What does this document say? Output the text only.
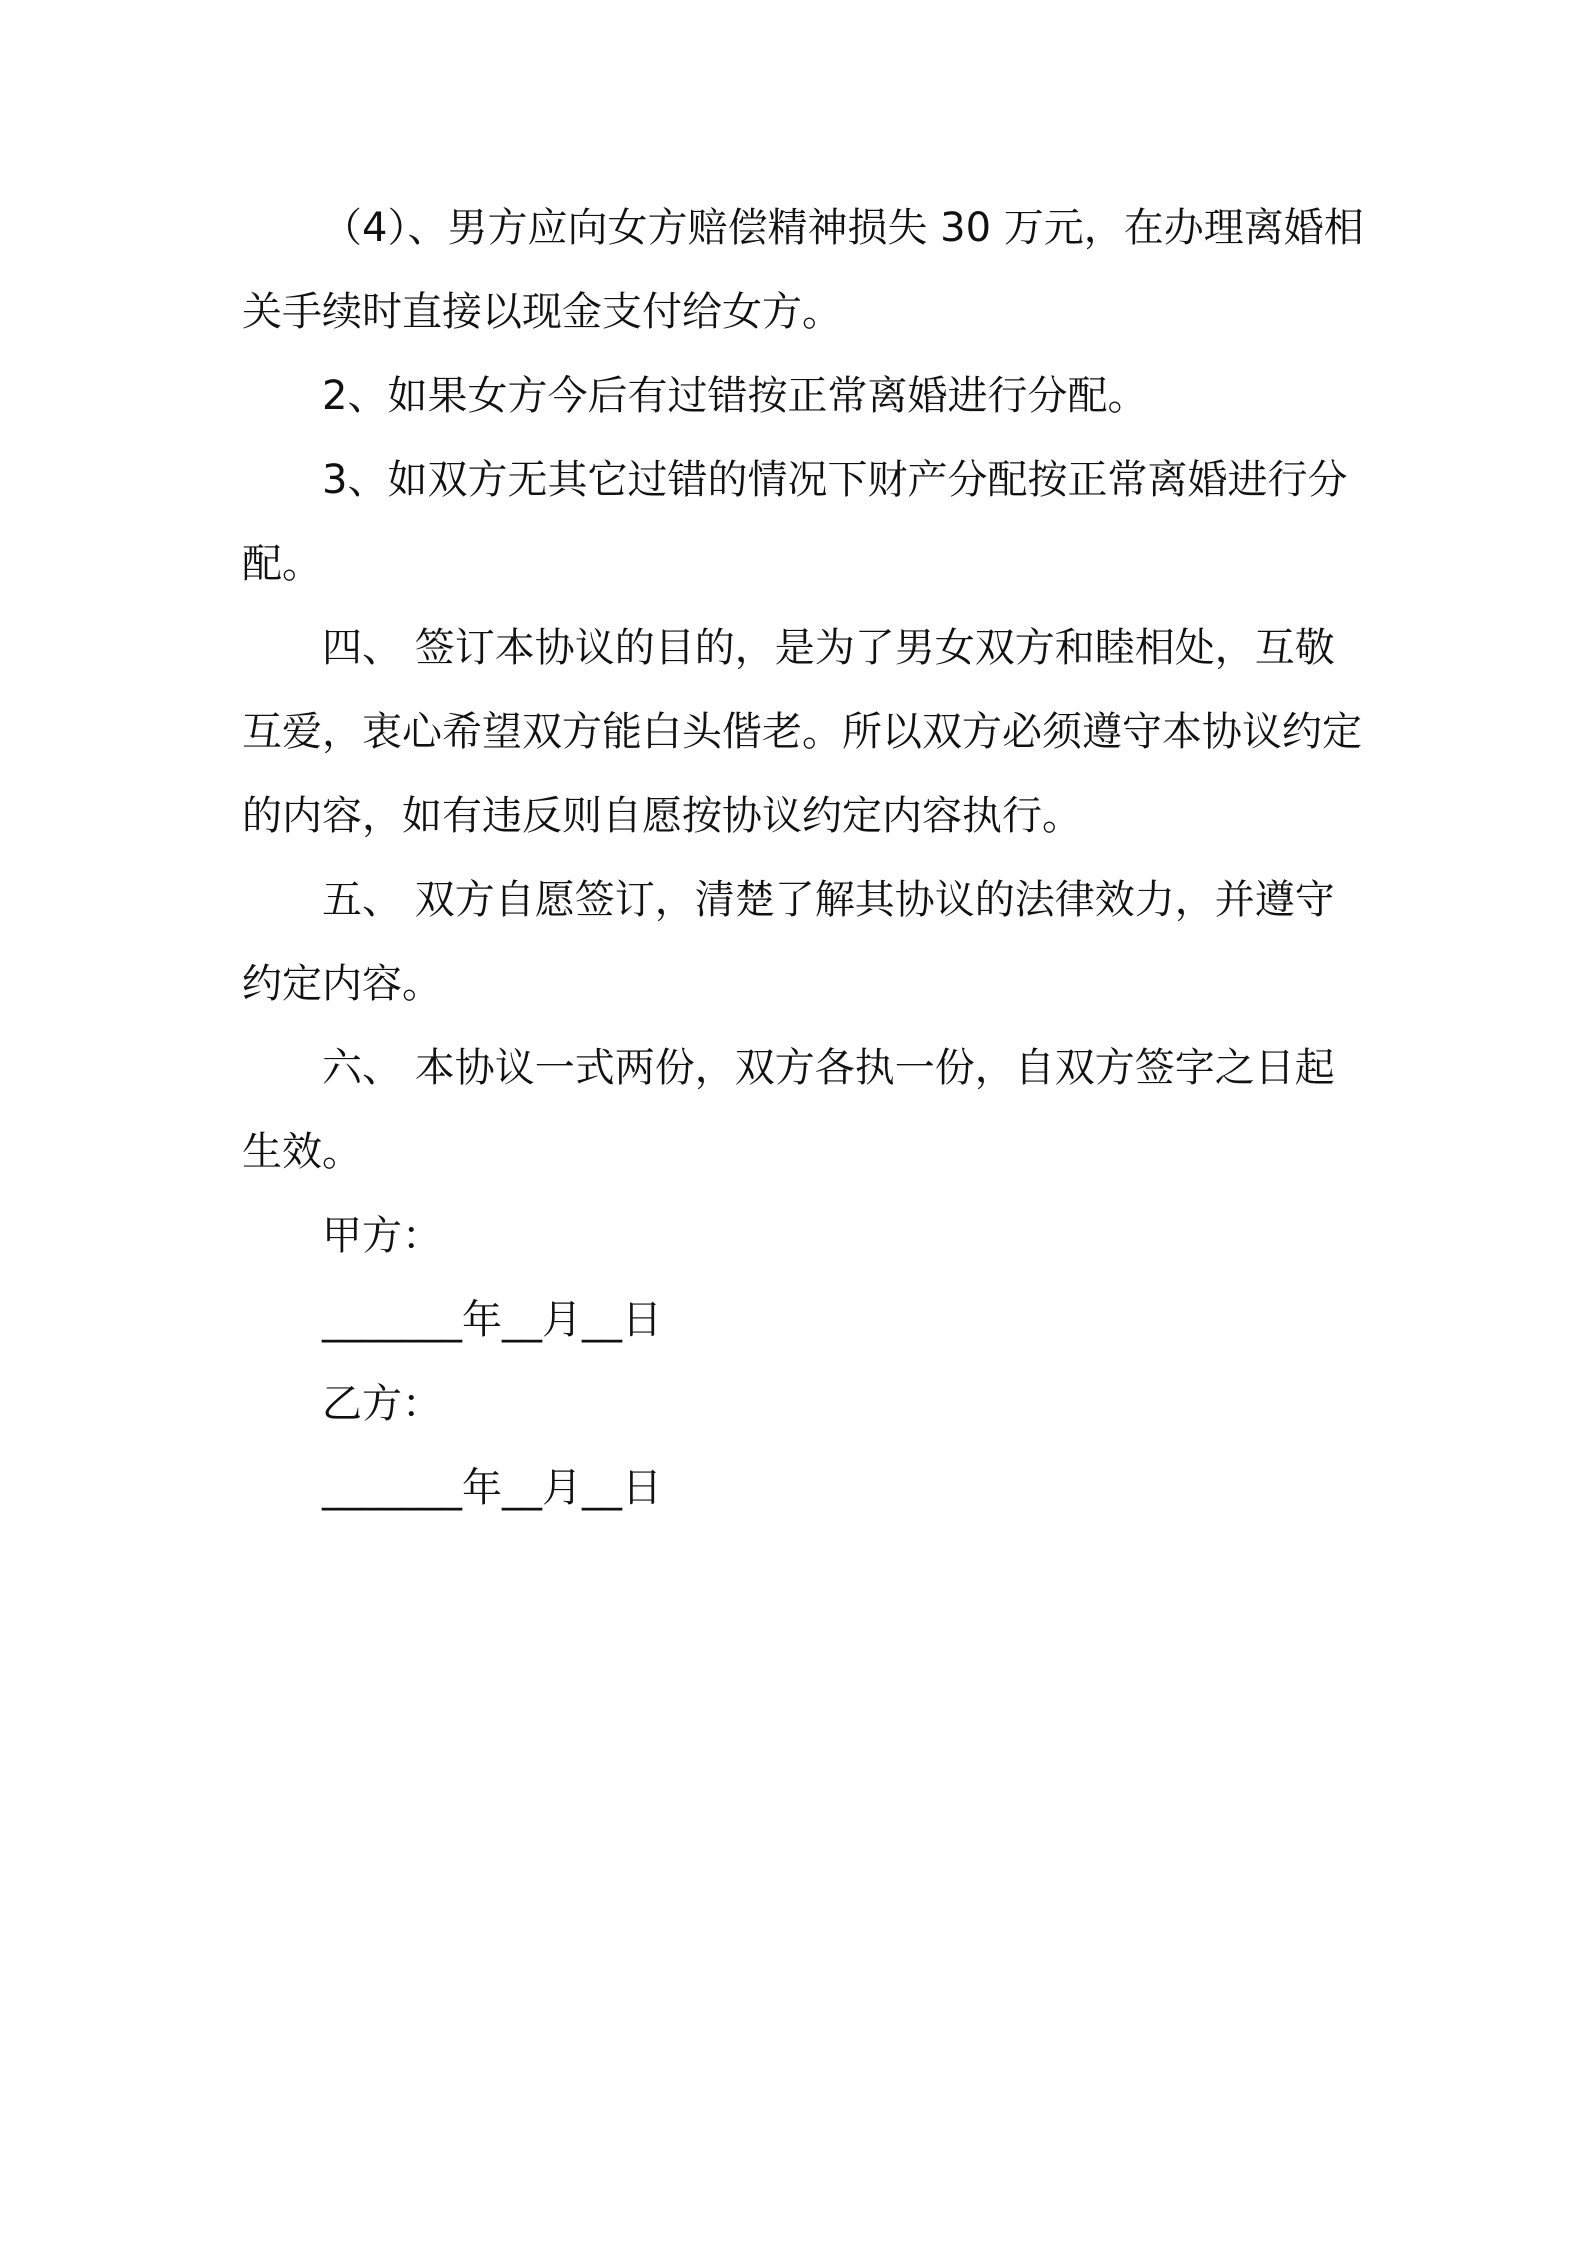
（4）、男方应向女方赔偿精神损失 30 万元，在办理离婚相
关手续时直接以现金支付给女方。
2、如果女方今后有过错按正常离婚进行分配。
3、如双方无其它过错的情况下财产分配按正常离婚进行分
配。
四、 签订本协议的目的，是为了男女双方和睦相处，互敬
互爱，衷心希望双方能白头偕老。所以双方必须遵守本协议约定
的内容，如有违反则自愿按协议约定内容执行。
五、 双方自愿签订，清楚了解其协议的法律效力，并遵守
约定内容。
六、 本协议一式两份，双方各执一份，自双方签字之日起
生效。
甲方：
_______年__月__日
乙方：
_______年__月__日
